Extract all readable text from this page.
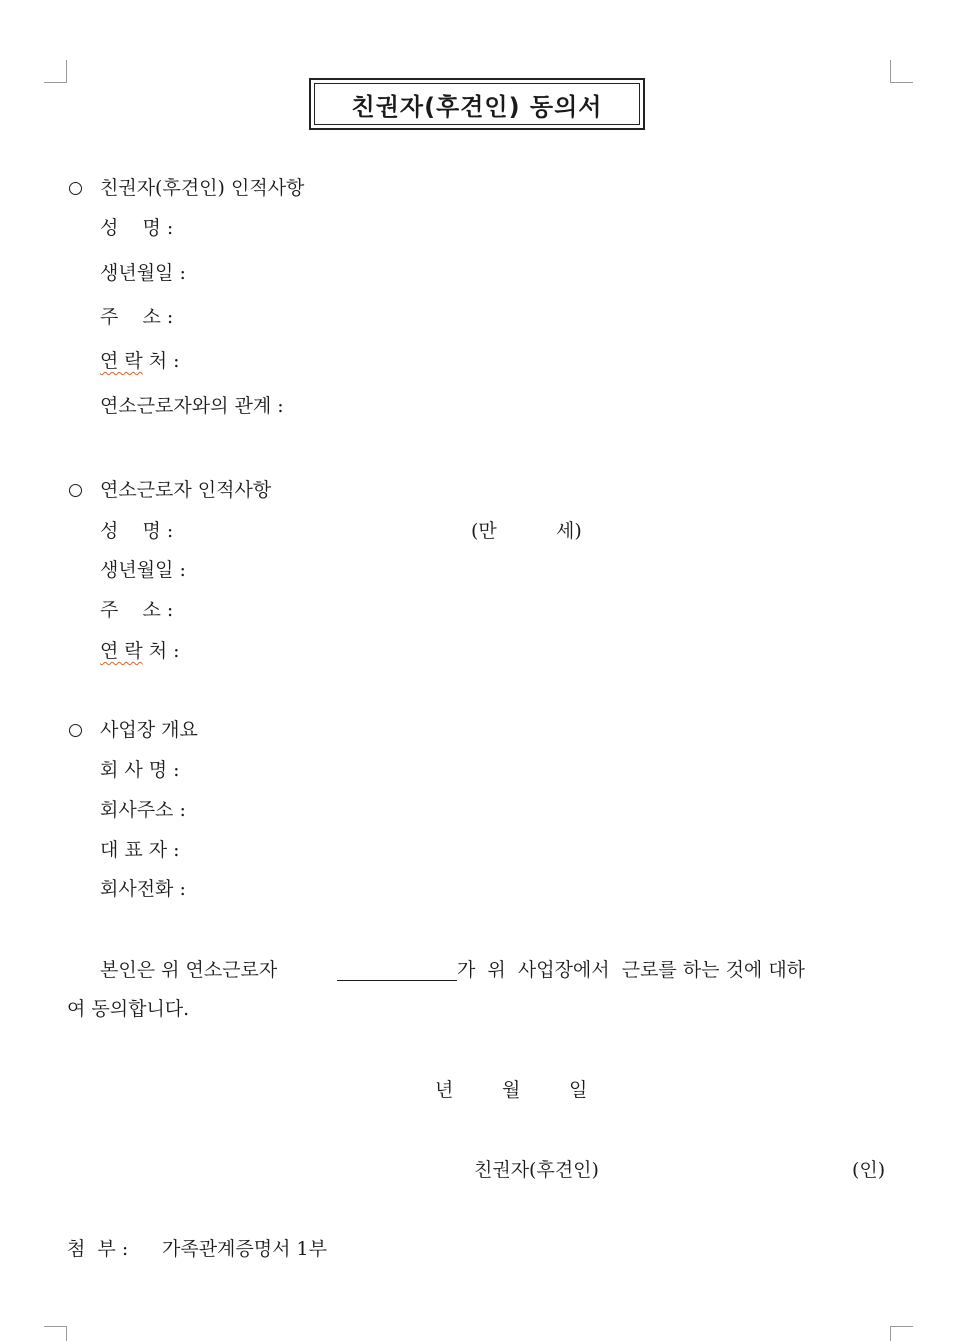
친권자(후견인) 동의서
친권자(후견인) 인적사항
성    명 :
생년월일 :
주    소 :
연 락 처 :
연소근로자와의 관계 :
연소근로자 인적사항
성    명 :	(만	세)
생년월일 :
주    소 :
연 락 처 :
사업장 개요
회 사 명 :
회사주소 :
대 표 자 :
회사전화 :
본인은 위 연소근로자	가  위  사업장에서  근로를 하는 것에 대하
여 동의합니다.
년	월	일
친권자(후견인)	(인)
첨  부 : 가족관계증명서 1부
